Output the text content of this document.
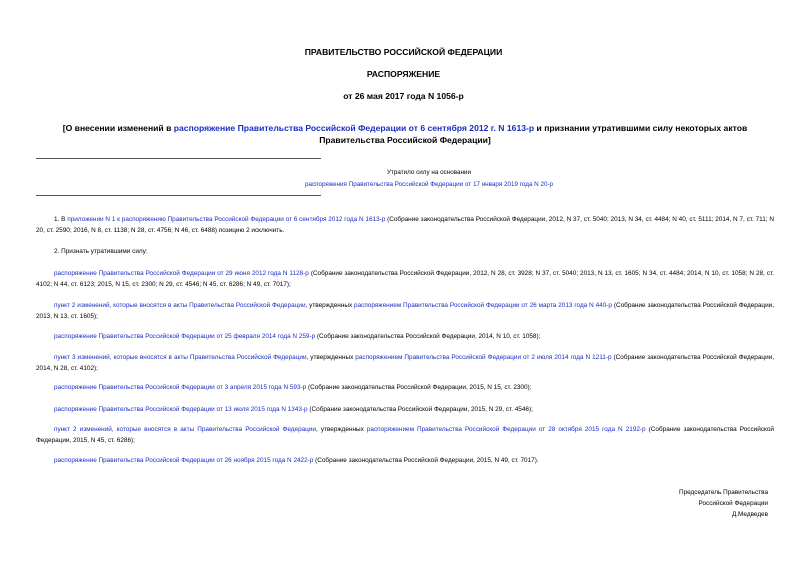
ПРАВИТЕЛЬСТВО РОССИЙСКОЙ ФЕДЕРАЦИИ
РАСПОРЯЖЕНИЕ
от 26 мая 2017 года N 1056-р
[О внесении изменений в распоряжение Правительства Российской Федерации от 6 сентября 2012 г. N 1613-р и признании утратившими силу некоторых актов Правительства Российской Федерации]
Утратило силу на основании
распоряжения Правительства Российской Федерации от 17 января 2019 года N 20-р

1. В приложении N 1 к распоряжению Правительства Российской Федерации от 6 сентября 2012 года N 1613-р (Собрание законодательства Российской Федерации, 2012, N 37, ст. 5040; 2013, N 34, ст. 4484; N 40, ст. 5111; 2014, N 7, ст. 711; N 20, ст. 2590; 2016, N 8, ст. 1138; N 28, ст. 4756; N 46, ст. 6488) позицию 2 исключить.

2. Признать утратившими силу:

распоряжение Правительства Российской Федерации от 29 июня 2012 года N 1128-р (Собрание законодательства Российской Федерации, 2012, N 28, ст. 3928; N 37, ст. 5040; 2013, N 13, ст. 1605; N 34, ст. 4484; 2014, N 10, ст. 1058; N 28, ст. 4102; N 44, ст. 6123; 2015, N 15, ст. 2300; N 29, ст. 4546; N 45, ст. 6286; N 49, ст. 7017);

пункт 2 изменений, которые вносятся в акты Правительства Российской Федерации, утвержденных распоряжением Правительства Российской Федерации от 26 марта 2013 года N 440-р (Собрание законодательства Российской Федерации, 2013, N 13, ст. 1605);

распоряжение Правительства Российской Федерации от 25 февраля 2014 года N 259-р (Собрание законодательства Российской Федерации, 2014, N 10, ст. 1058);

пункт 3 изменений, которые вносятся в акты Правительства Российской Федерации, утвержденных распоряжением Правительства Российской Федерации от 2 июля 2014 года N 1211-р (Собрание законодательства Российской Федерации, 2014, N 28, ст. 4102);

распоряжение Правительства Российской Федерации от 3 апреля 2015 года N 593-р (Собрание законодательства Российской Федерации, 2015, N 15, ст. 2300);

распоряжение Правительства Российской Федерации от 13 июля 2015 года N 1343-р (Собрание законодательства Российской Федерации, 2015, N 29, ст. 4546);

пункт 2 изменений, которые вносятся в акты Правительства Российской Федерации, утвержденных распоряжением Правительства Российской Федерации от 28 октября 2015 года N 2192-р (Собрание законодательства Российской Федерации, 2015, N 45, ст. 6286);

распоряжение Правительства Российской Федерации от 26 ноября 2015 года N 2422-р (Собрание законодательства Российской Федерации, 2015, N 49, ст. 7017).

Председатель Правительства
Российской Федерации
Д.Медведев
